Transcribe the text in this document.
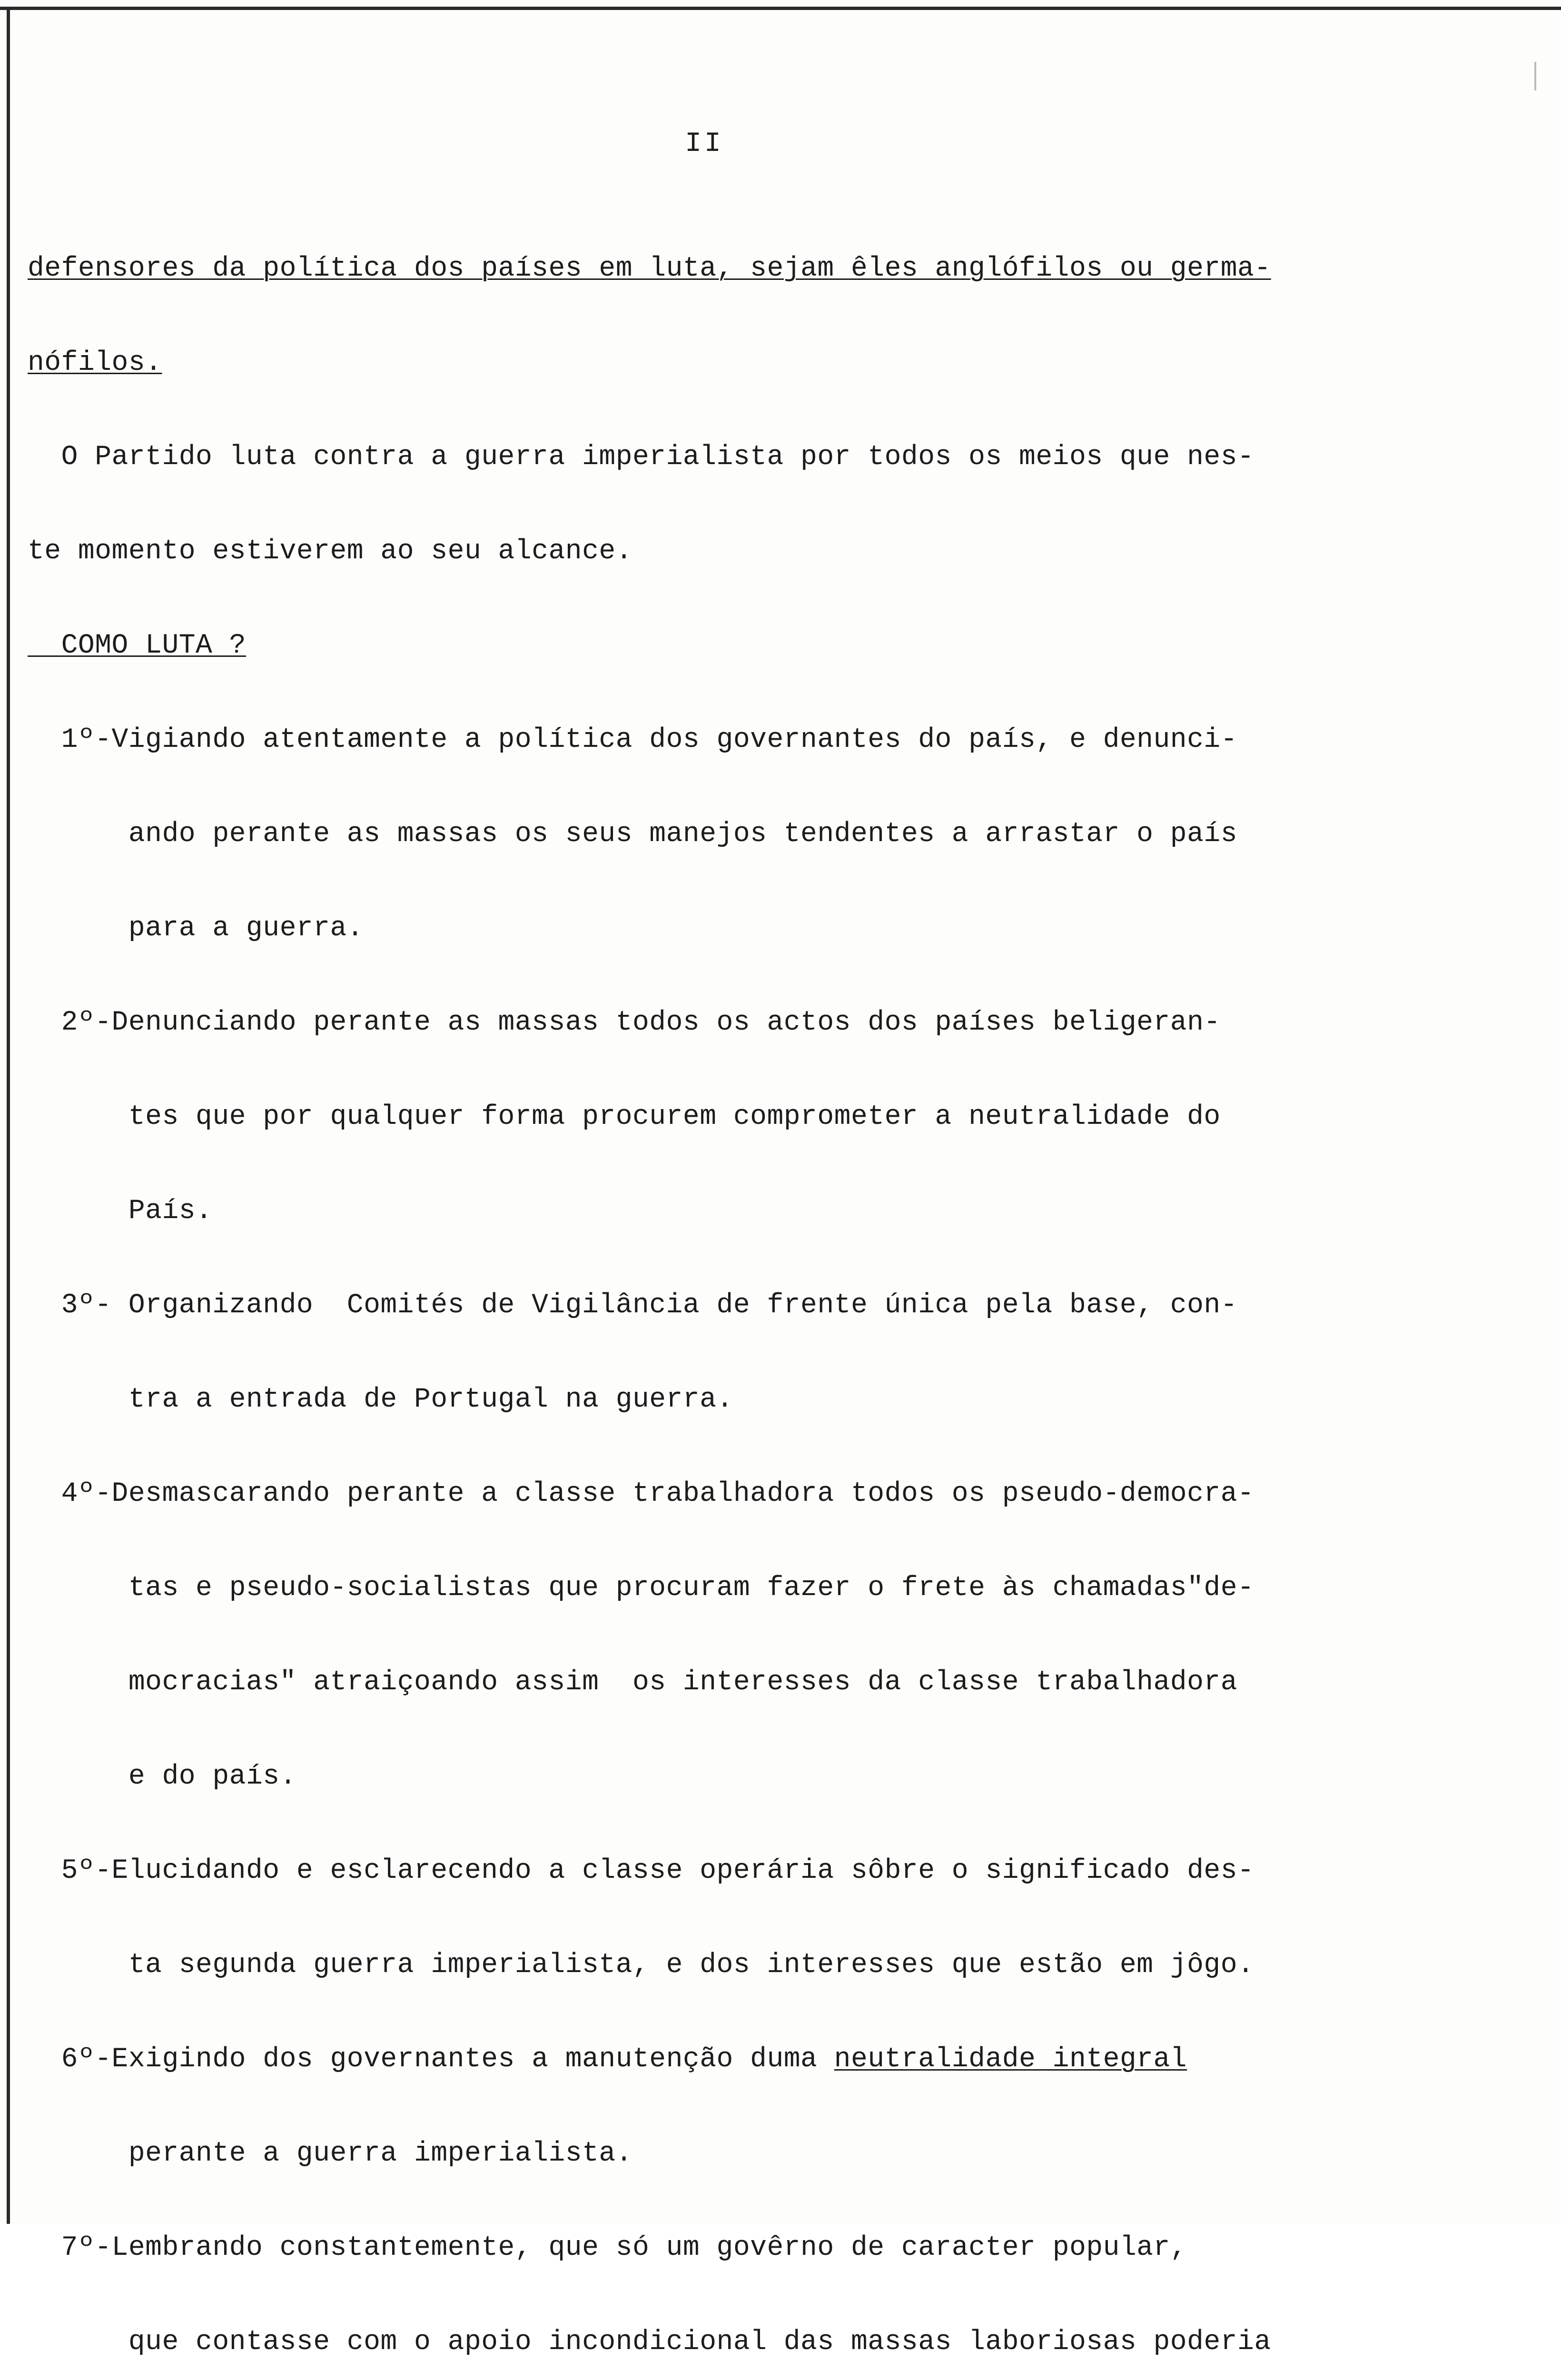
II

defensores da política dos países em luta, sejam êles anglófilos ou germa-

nófilos.

O Partido luta contra a guerra imperialista por todos os meios que nes-

te momento estiverem ao seu alcance.

COMO LUTA ?

1º-Vigiando atentamente a política dos governantes do país, e denunci-

ando perante as massas os seus manejos tendentes a arrastar o país

para a guerra.

2º-Denunciando perante as massas todos os actos dos países beligeran-

tes que por qualquer forma procurem comprometer a neutralidade do

País.

3º- Organizando  Comités de Vigilância de frente única pela base, con-

tra a entrada de Portugal na guerra.

4º-Desmascarando perante a classe trabalhadora todos os pseudo-democra-

tas e pseudo-socialistas que procuram fazer o frete às chamadas"de-

mocracias" atraiçoando assim  os interesses da classe trabalhadora

e do país.

5º-Elucidando e esclarecendo a classe operária sôbre o significado des-

ta segunda guerra imperialista, e dos interesses que estão em jôgo.

6º-Exigindo dos governantes a manutenção duma neutralidade integral

perante a guerra imperialista.

7º-Lembrando constantemente, que só um govêrno de caracter popular,

que contasse com o apoio incondicional das massas laboriosas poderia
